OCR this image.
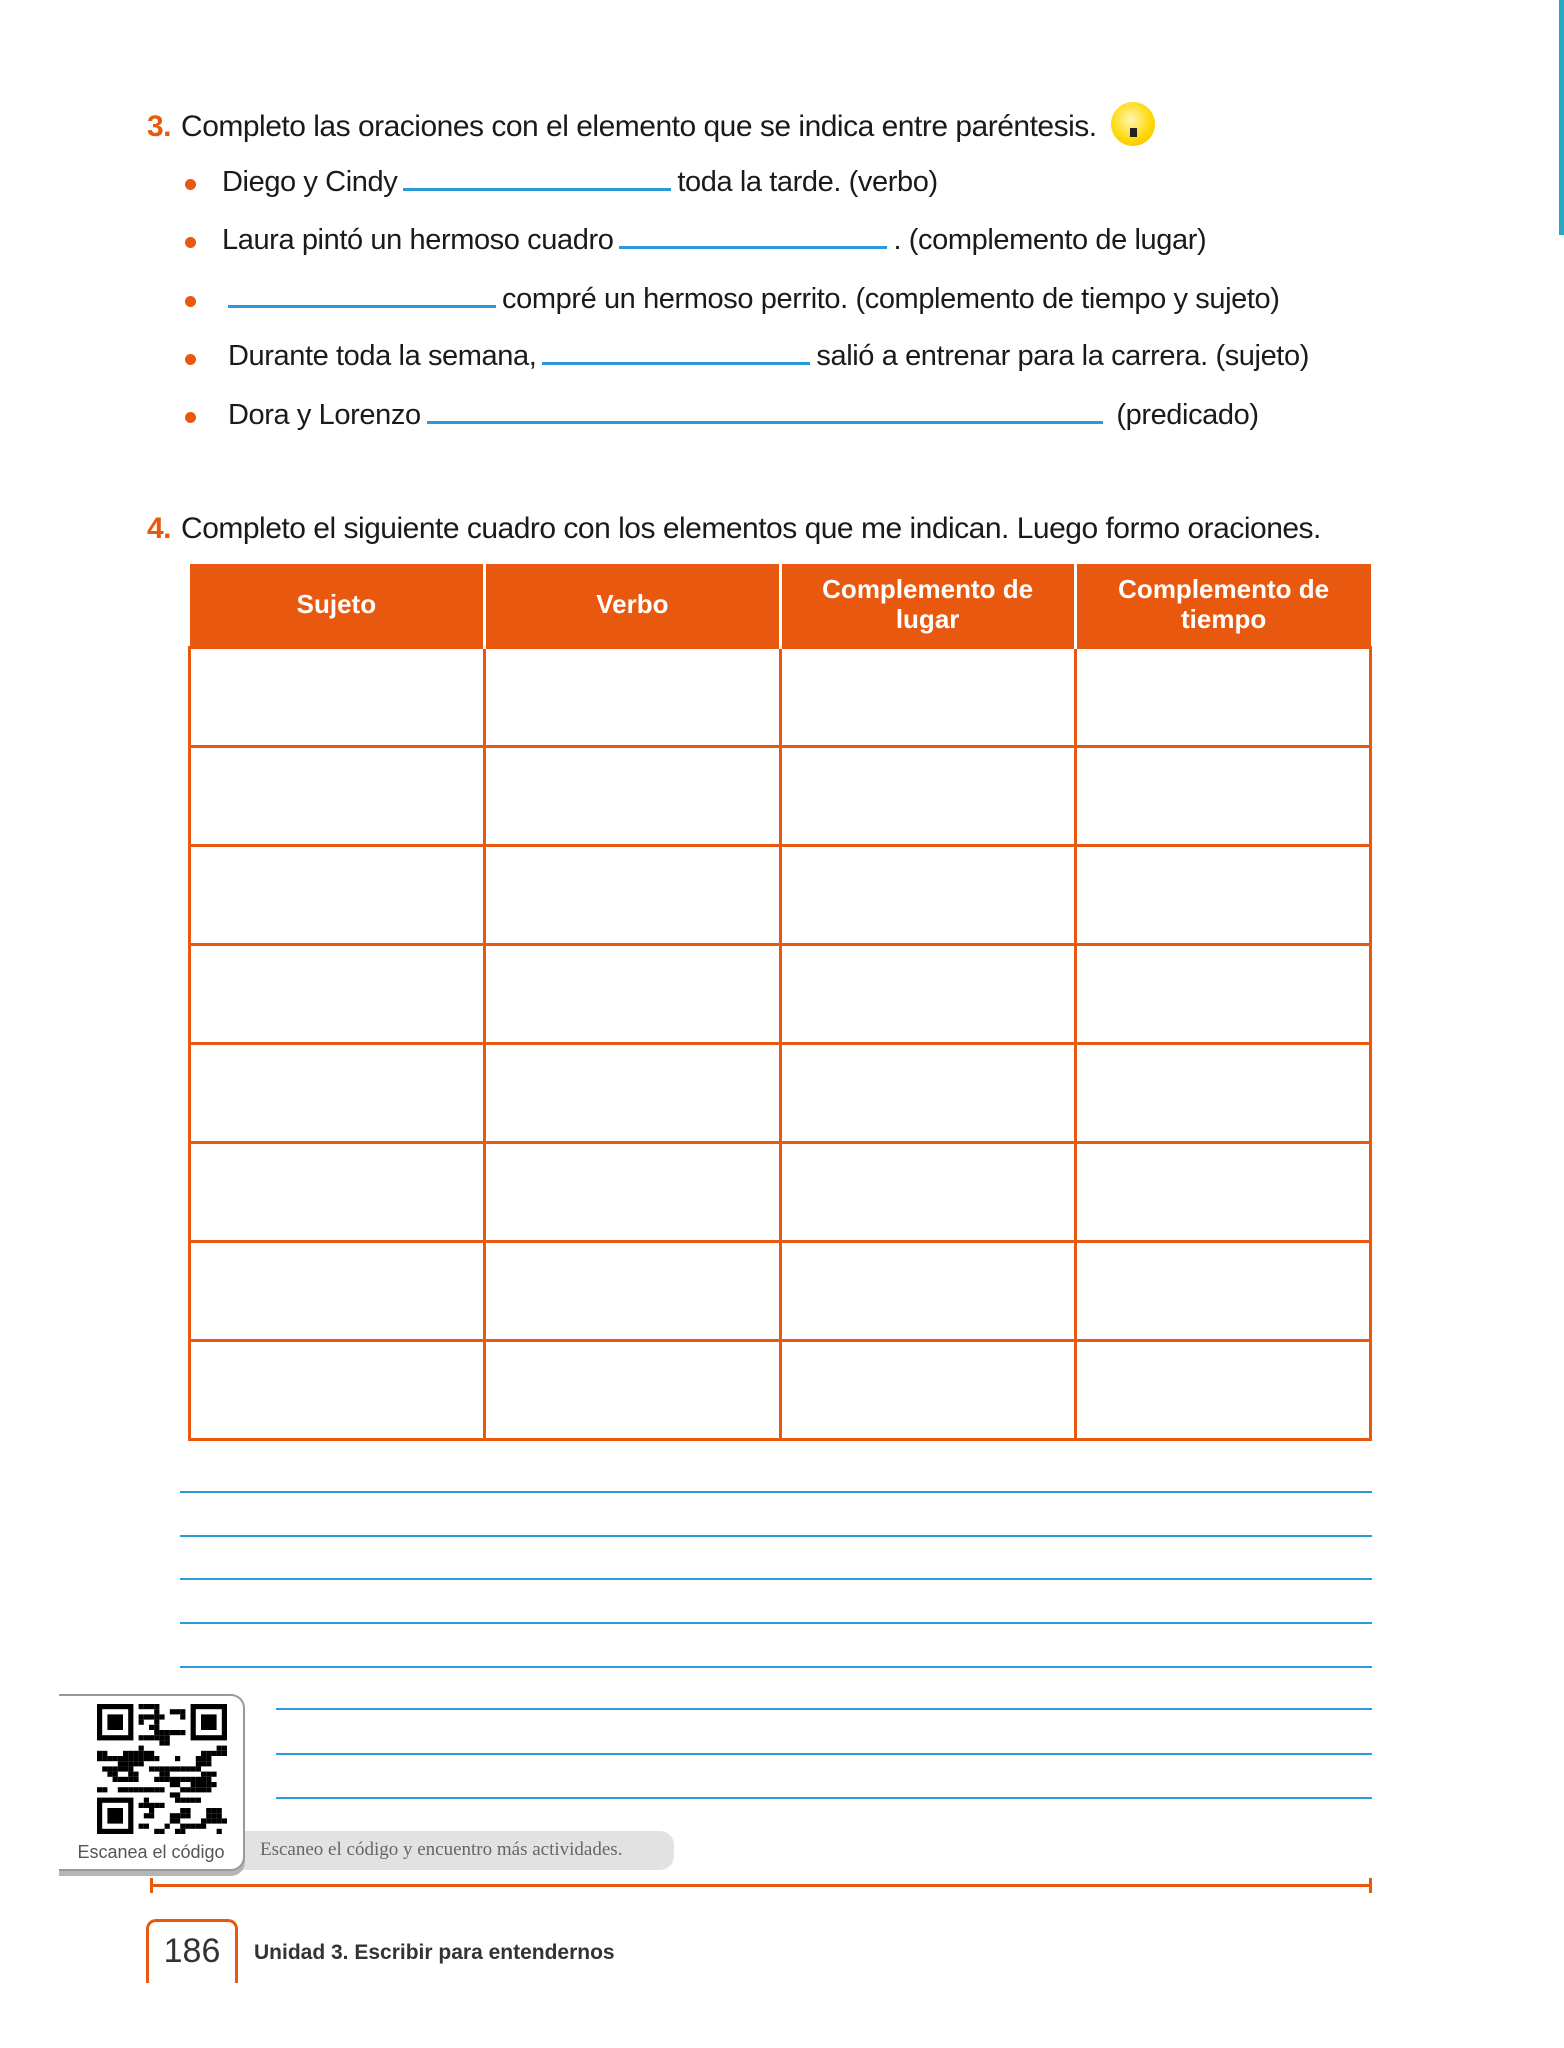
3. Completo las oraciones con el elemento que se indica entre paréntesis.
Diego y Cindy	toda la tarde. (verbo)
Laura pintó un hermoso cuadro	. (complemento de lugar)
compré un hermoso perrito. (complemento de tiempo y sujeto)
Durante toda la semana,	salió a entrenar para la carrera. (sujeto)
Dora y Lorenzo	(predicado)
4. Completo el siguiente cuadro con los elementos que me indican. Luego formo oraciones.
Sujeto	Verbo	Complemento de lugar	Complemento de tiempo

Escaneo el código y encuentro más actividades.
Escanea el código
186	Unidad 3. Escribir para entendernos
